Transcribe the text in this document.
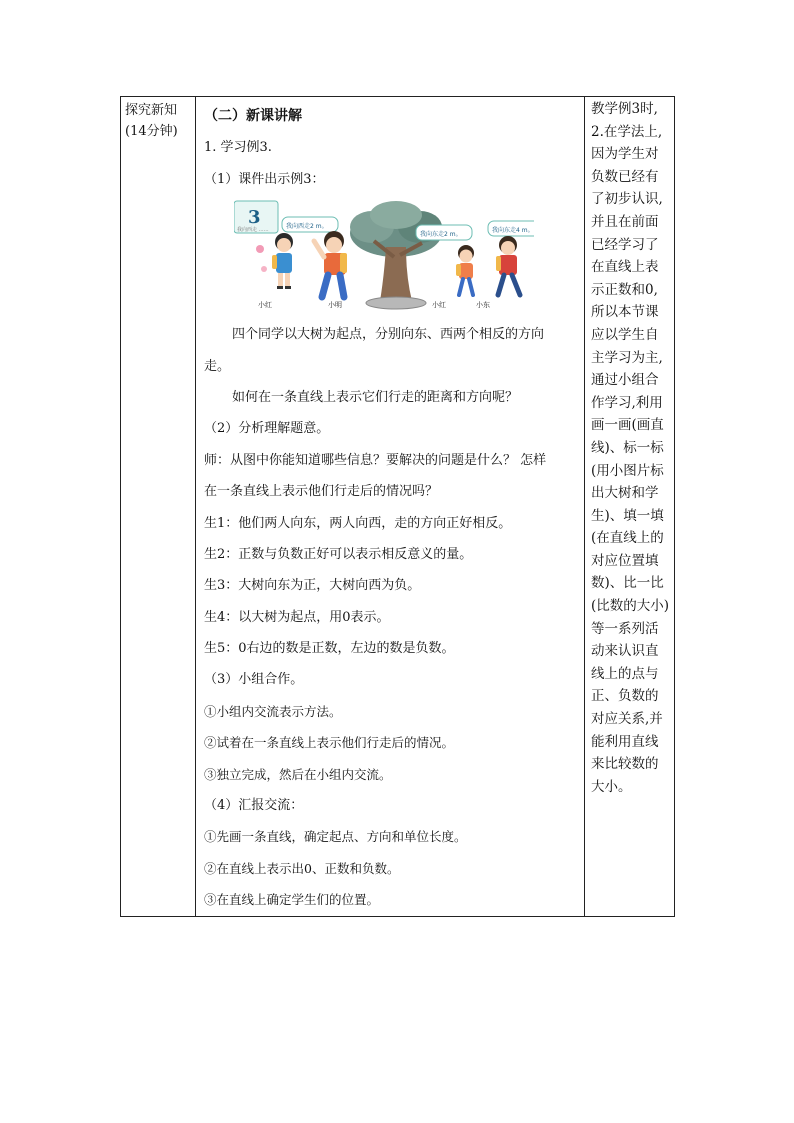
探究新知
(14分钟)

（二）新课讲解
1. 学习例3.
（1）课件出示例3：
3
我向西走 ……	我向西走2 m。
我向东走2 m。
我向东走4 m。
小红	小明	小红	小东
四个同学以大树为起点，分别向东、西两个相反的方向
走。
如何在一条直线上表示它们行走的距离和方向呢？
（2）分析理解题意。
师：从图中你能知道哪些信息？要解决的问题是什么？ 怎样
在一条直线上表示他们行走后的情况吗？
生1：他们两人向东，两人向西，走的方向正好相反。
生2：正数与负数正好可以表示相反意义的量。
生3：大树向东为正，大树向西为负。
生4：以大树为起点，用0表示。
生5：0右边的数是正数，左边的数是负数。
（3）小组合作。
①小组内交流表示方法。
②试着在一条直线上表示他们行走后的情况。
③独立完成，然后在小组内交流。
（4）汇报交流：
①先画一条直线，确定起点、方向和单位长度。
②在直线上表示出0、正数和负数。
③在直线上确定学生们的位置。

教学例3时,
2.在学法上,
因为学生对
负数已经有
了初步认识,
并且在前面
已经学习了
在直线上表
示正数和0,
所以本节课
应以学生自
主学习为主,
通过小组合
作学习,利用
画一画(画直
线)、标一标
(用小图片标
出大树和学
生)、填一填
(在直线上的
对应位置填
数)、比一比
(比数的大小)
等一系列活
动来认识直
线上的点与
正、负数的
对应关系,并
能利用直线
来比较数的
大小。
